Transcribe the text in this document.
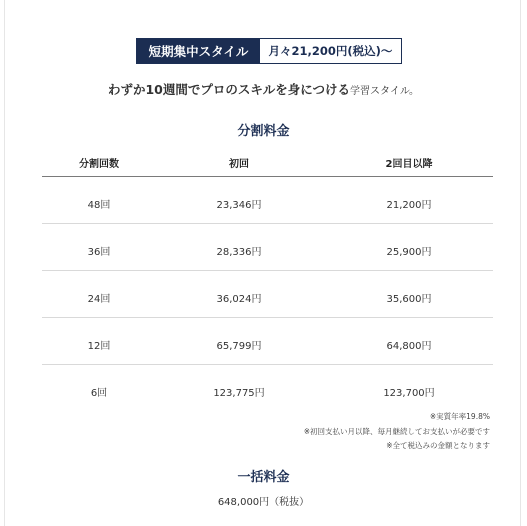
短期集中スタイル	月々21,200円(税込)〜
わずか10週間でプロのスキルを身につける学習スタイル。
分割料金
分割回数	初回	2回目以降
48回	23,346円	21,200円
36回	28,336円	25,900円
24回	36,024円	35,600円
12回	65,799円	64,800円
6回	123,775円	123,700円
※実質年率19.8%
※初回支払い月以降、毎月継続してお支払いが必要です
※全て税込みの金額となります
一括料金
648,000円（税抜）
